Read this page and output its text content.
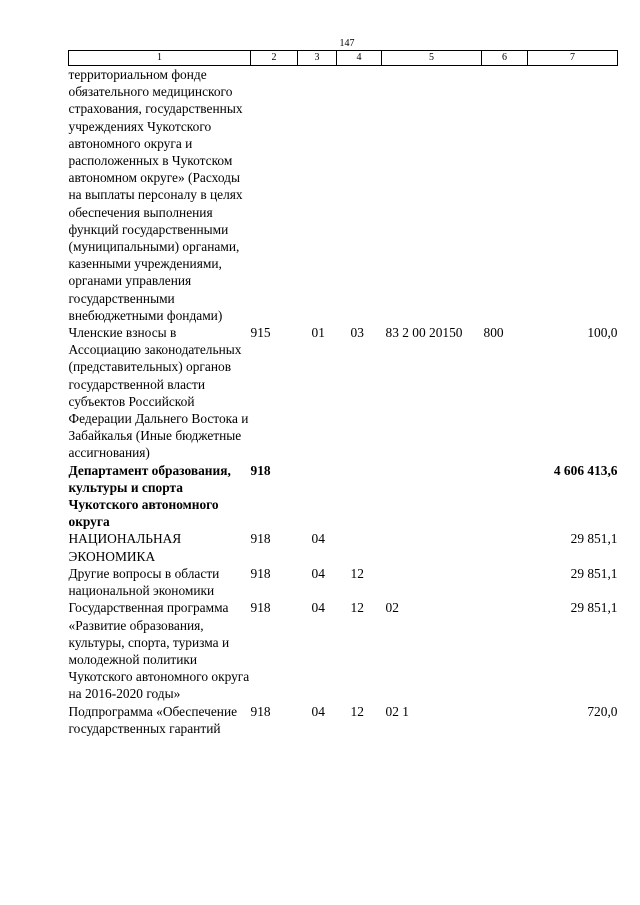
147
1	2	3	4	5	6	7
территориальном фонде обязательного медицинского страхования, государственных учреждениях Чукотского автономного округа и расположенных в Чукотском автономном округе» (Расходы на выплаты персоналу в целях обеспечения выполнения функций государственными (муниципальными) органами, казенными учреждениями, органами управления государственными внебюджетными фондами)						
Членские взносы в Ассоциацию законодательных (представительных) органов государственной власти субъектов Российской Федерации Дальнего Востока и Забайкалья (Иные бюджетные ассигнования)	915	01	03	83 2 00 20150	800	100,0
Департамент образования, культуры и спорта Чукотского автономного округа	918					4 606 413,6
НАЦИОНАЛЬНАЯ ЭКОНОМИКА	918	04				29 851,1
Другие вопросы в области национальной экономики	918	04	12			29 851,1
Государственная программа «Развитие образования, культуры, спорта, туризма и молодежной политики Чукотского автономного округа на 2016-2020 годы»	918	04	12	02		29 851,1
Подпрограмма «Обеспечение государственных гарантий	918	04	12	02 1		720,0
